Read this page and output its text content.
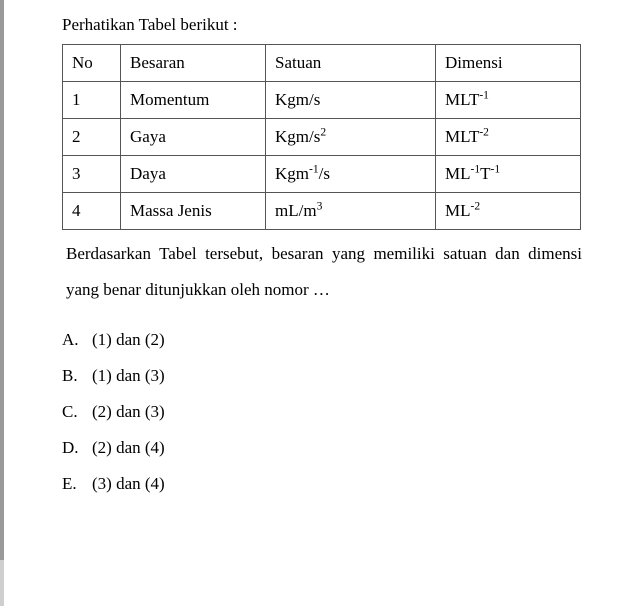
Perhatikan Tabel berikut :

No	Besaran	Satuan	Dimensi
1	Momentum	Kgm/s	$MLT^{-1}$
2	Gaya	Kgm/$s^2$	$MLT^{-2}$
3	Daya	Kgm$^{-1}$/s	$ML^{-1}T^{-1}$
4	Massa Jenis	$mL/m^3$	$ML^{-2}$

Berdasarkan Tabel tersebut, besaran yang memiliki satuan dan dimensi yang benar ditunjukkan oleh nomor …

A. (1) dan (2)
B. (1) dan (3)
C. (2) dan (3)
D. (2) dan (4)
E. (3) dan (4)
